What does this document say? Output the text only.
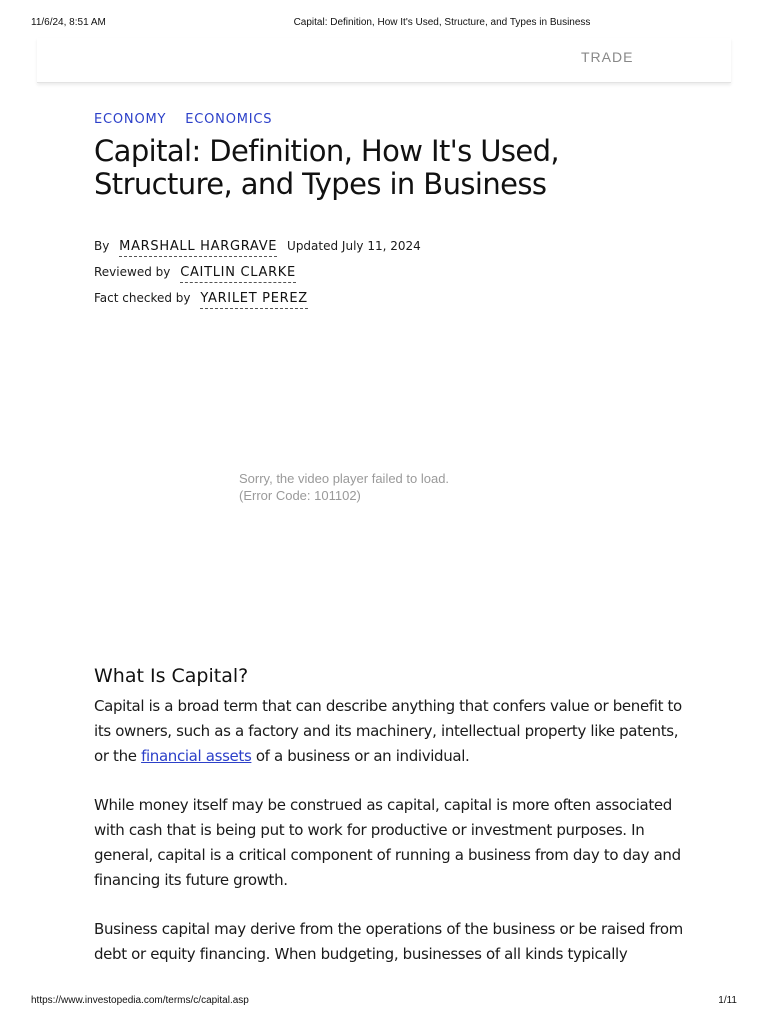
11/6/24, 8:51 AM	Capital: Definition, How It's Used, Structure, and Types in Business
TRADE
ECONOMY ECONOMICS
Capital: Definition, How It's Used, Structure, and Types in Business
By MARSHALL HARGRAVE Updated July 11, 2024
Reviewed by CAITLIN CLARKE
Fact checked by YARILET PEREZ
Sorry, the video player failed to load.
(Error Code: 101102)
What Is Capital?

Capital is a broad term that can describe anything that confers value or benefit to its owners, such as a factory and its machinery, intellectual property like patents, or the financial assets of a business or an individual.

While money itself may be construed as capital, capital is more often associated with cash that is being put to work for productive or investment purposes. In general, capital is a critical component of running a business from day to day and financing its future growth.

Business capital may derive from the operations of the business or be raised from debt or equity financing. When budgeting, businesses of all kinds typically

https://www.investopedia.com/terms/c/capital.asp	1/11
